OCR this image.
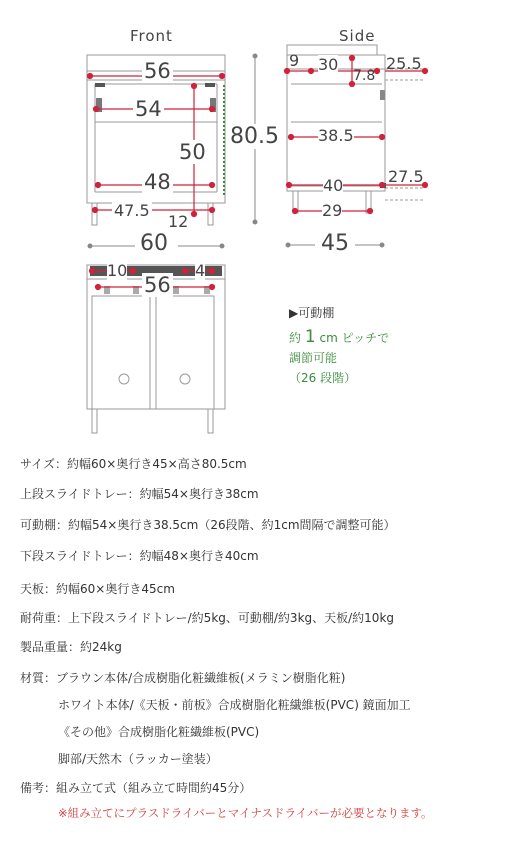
Front	Side
56
54
50
48
47.5
12
80.5
60
9 30	25.5
7.8
38.5
40	27.5
29
45
10	4
56
▶可動棚
約 1 cm ピッチで
調節可能
（26 段階）
サイズ：約幅60×奥行き45×高さ80.5cm
上段スライドトレー：約幅54×奥行き38cm
可動棚：約幅54×奥行き38.5cm（26段階、約1cm間隔で調整可能）
下段スライドトレー：約幅48×奥行き40cm
天板：約幅60×奥行き45cm
耐荷重：上下段スライドトレー/約5kg、可動棚/約3kg、天板/約10kg
製品重量：約24kg
材質：ブラウン本体/合成樹脂化粧繊維板(メラミン樹脂化粧)
ホワイト本体/《天板・前板》合成樹脂化粧繊維板(PVC) 鏡面加工
《その他》合成樹脂化粧繊維板(PVC)
脚部/天然木（ラッカー塗装）
備考：組み立て式（組み立て時間約45分）
※組み立てにプラスドライバーとマイナスドライバーが必要となります。
